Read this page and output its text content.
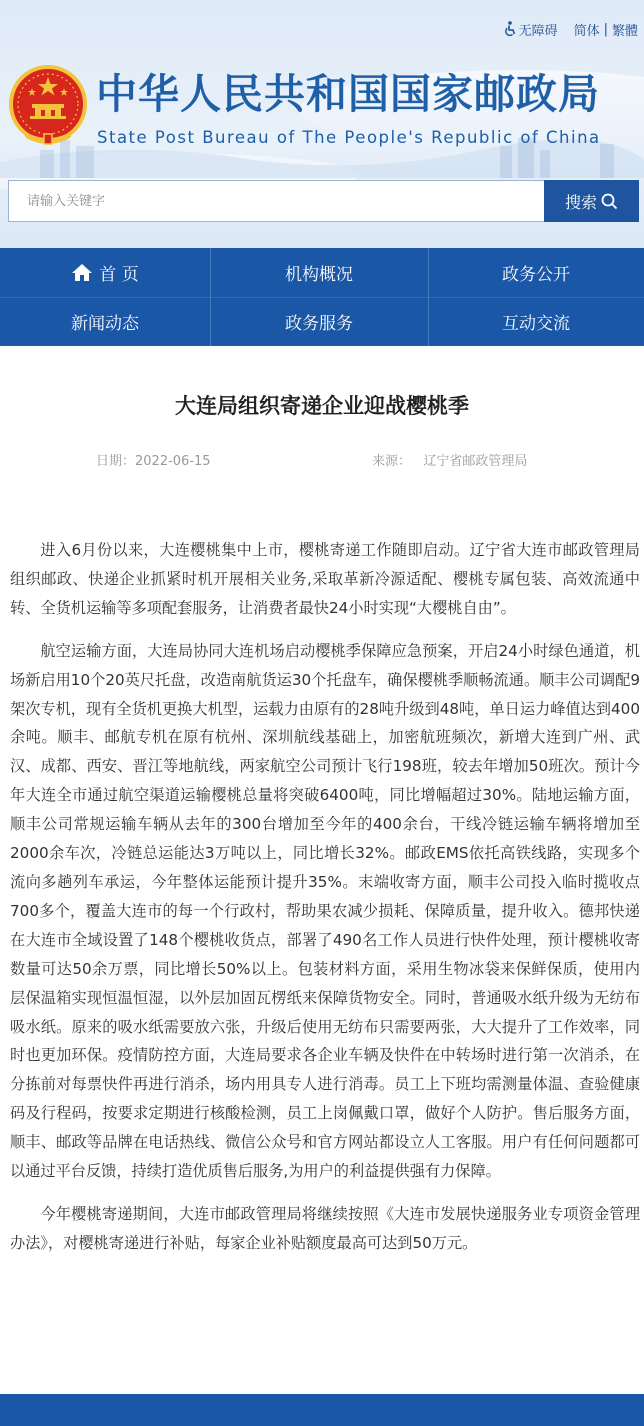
无障碍 简体 | 繁體
中华人民共和国国家邮政局
State Post Bureau of The People's Republic of China
请输入关键字
搜索
首 页	机构概况	政务公开
新闻动态	政务服务	互动交流
大连局组织寄递企业迎战樱桃季
日期：2022-06-15	来源： 辽宁省邮政管理局

进入6月份以来，大连樱桃集中上市，樱桃寄递工作随即启动。辽宁省大连市邮政管理局组织邮政、快递企业抓紧时机开展相关业务,采取革新冷源适配、樱桃专属包装、高效流通中转、全货机运输等多项配套服务，让消费者最快24小时实现“大樱桃自由”。

航空运输方面，大连局协同大连机场启动樱桃季保障应急预案，开启24小时绿色通道，机场新启用10个20英尺托盘，改造南航货运30个托盘车，确保樱桃季顺畅流通。顺丰公司调配9架次专机，现有全货机更换大机型，运载力由原有的28吨升级到48吨，单日运力峰值达到400余吨。顺丰、邮航专机在原有杭州、深圳航线基础上，加密航班频次，新增大连到广州、武汉、成都、西安、晋江等地航线，两家航空公司预计飞行198班，较去年增加50班次。预计今年大连全市通过航空渠道运输樱桃总量将突破6400吨，同比增幅超过30%。陆地运输方面，顺丰公司常规运输车辆从去年的300台增加至今年的400余台，干线冷链运输车辆将增加至2000余车次，冷链总运能达3万吨以上，同比增长32%。邮政EMS依托高铁线路，实现多个流向多趟列车承运，今年整体运能预计提升35%。末端收寄方面，顺丰公司投入临时揽收点700多个，覆盖大连市的每一个行政村，帮助果农减少损耗、保障质量，提升收入。德邦快递在大连市全域设置了148个樱桃收货点，部署了490名工作人员进行快件处理，预计樱桃收寄数量可达50余万票，同比增长50%以上。包装材料方面，采用生物冰袋来保鲜保质，使用内层保温箱实现恒温恒湿，以外层加固瓦楞纸来保障货物安全。同时，普通吸水纸升级为无纺布吸水纸。原来的吸水纸需要放六张，升级后使用无纺布只需要两张，大大提升了工作效率，同时也更加环保。疫情防控方面，大连局要求各企业车辆及快件在中转场时进行第一次消杀，在分拣前对每票快件再进行消杀，场内用具专人进行消毒。员工上下班均需测量体温、查验健康码及行程码，按要求定期进行核酸检测，员工上岗佩戴口罩，做好个人防护。售后服务方面，顺丰、邮政等品牌在电话热线、微信公众号和官方网站都设立人工客服。用户有任何问题都可以通过平台反馈，持续打造优质售后服务,为用户的利益提供强有力保障。

今年樱桃寄递期间，大连市邮政管理局将继续按照《大连市发展快递服务业专项资金管理办法》，对樱桃寄递进行补贴，每家企业补贴额度最高可达到50万元。
